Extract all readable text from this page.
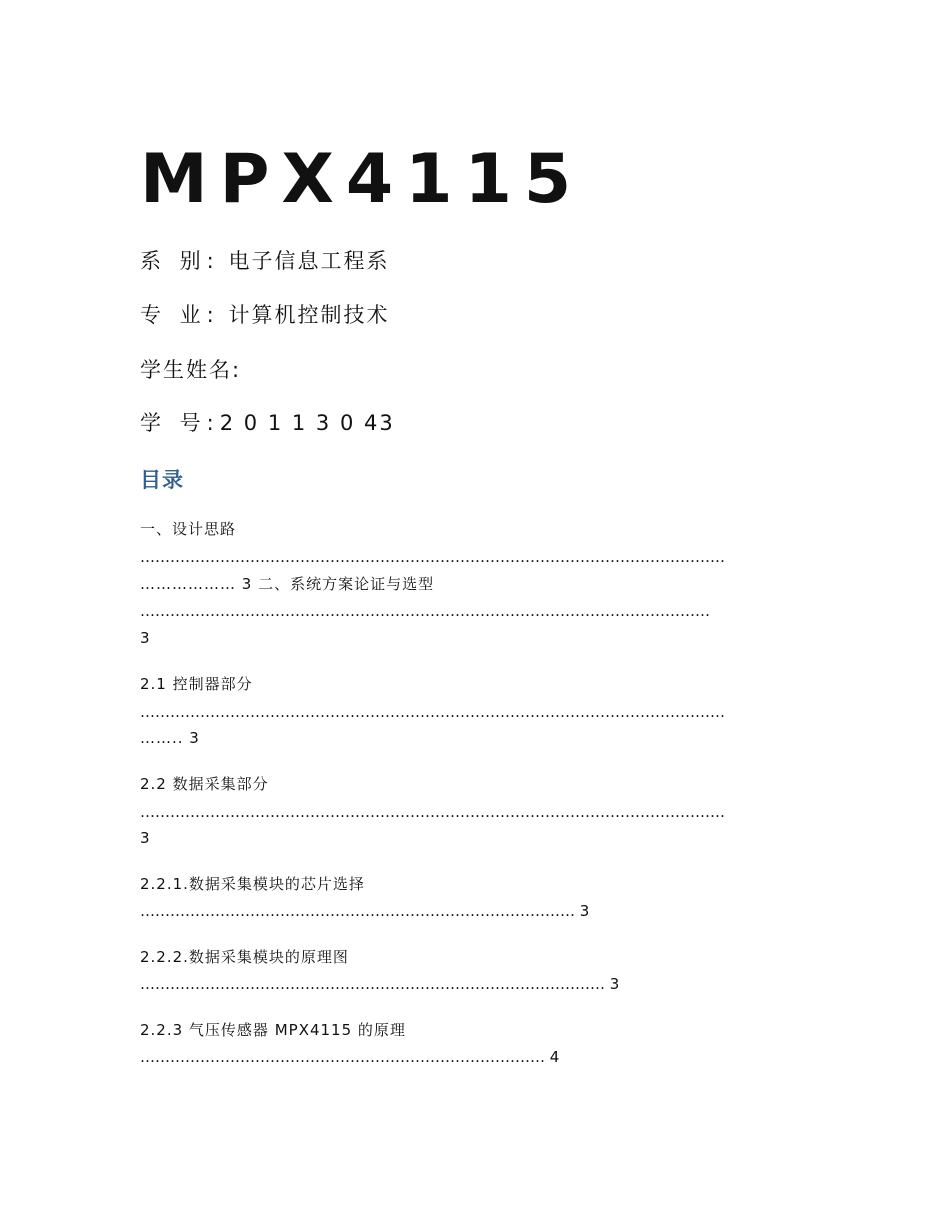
MPX4115

系 别: 电子信息工程系

专 业: 计算机控制技术

学生姓名:

学 号:2 0 1 1 3 0 43

目录

一、设计思路

………………………………………………………………………………………………………

……………… 3 二、系统方案论证与选型

……………………………………………………………………………………………………

3

2.1 控制器部分

………………………………………………………………………………………………………

…….. 3

2.2 数据采集部分

………………………………………………………………………………………………………

3

2.2.1.数据采集模块的芯片选择

…………………………………………………………………………… 3

2.2.2.数据采集模块的原理图

………………………………………………………………………………… 3

2.2.3 气压传感器 MPX4115 的原理

……………………………………………………………………… 4
